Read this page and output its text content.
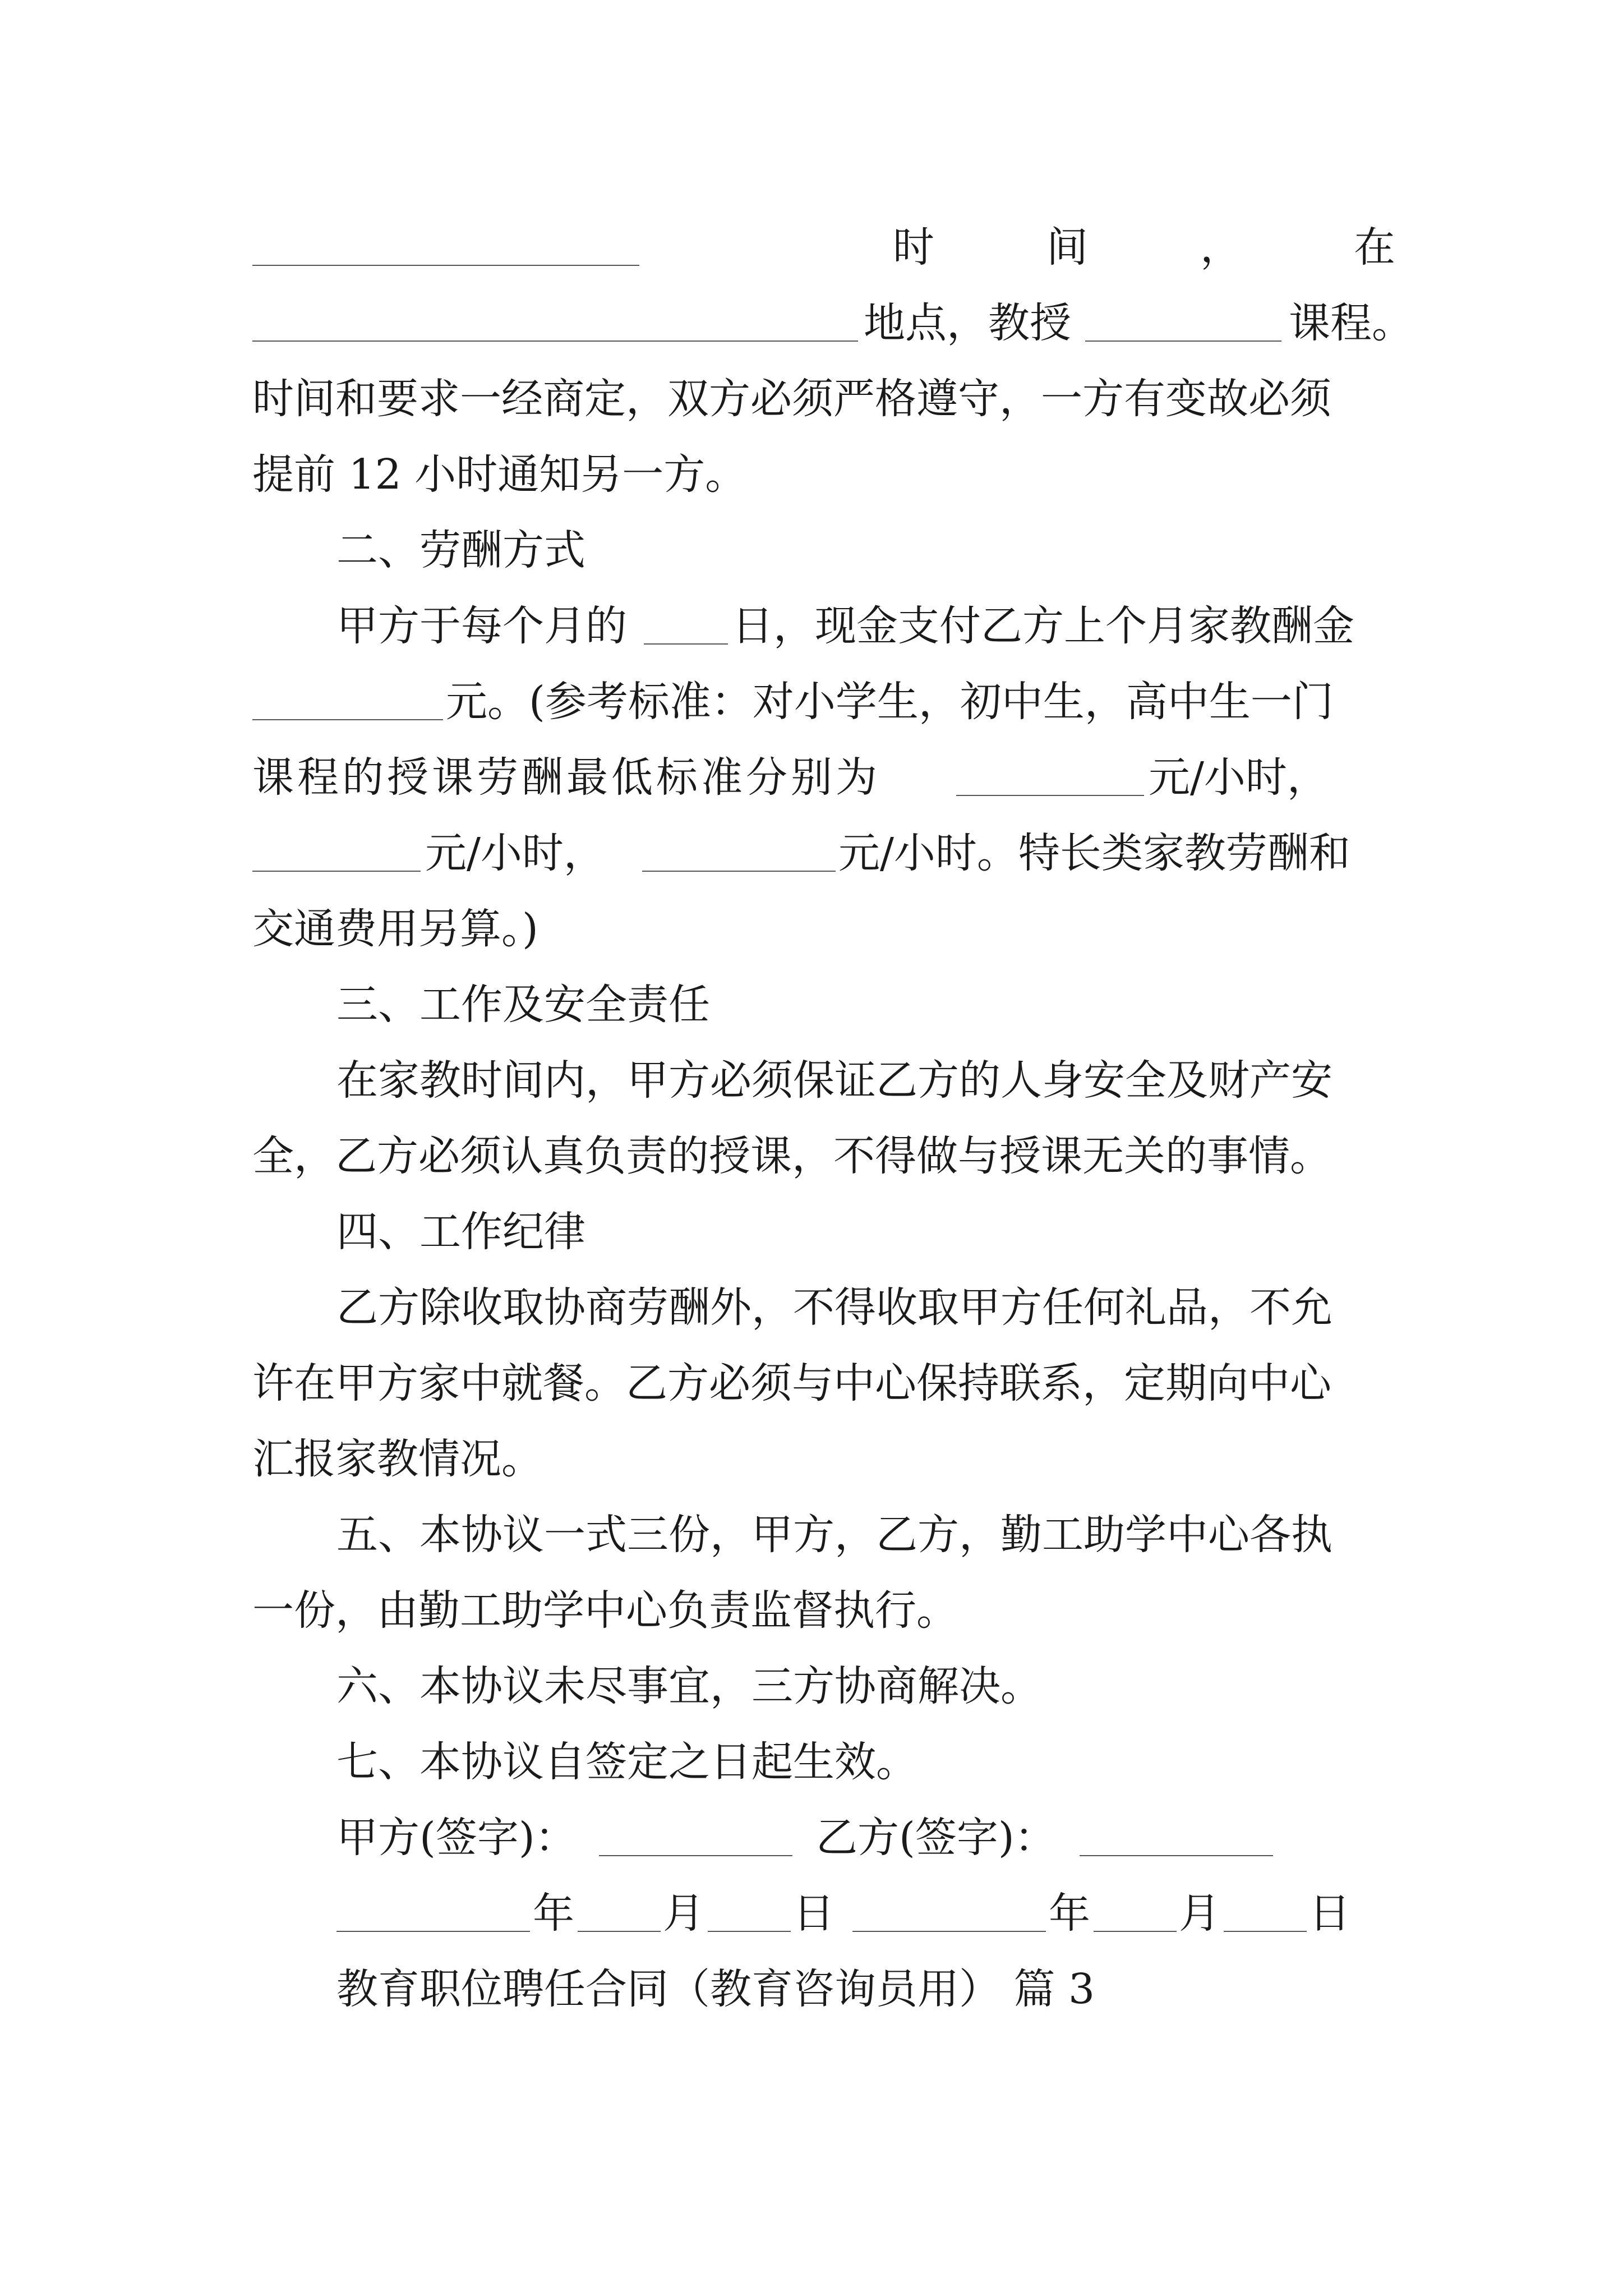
时	间	，	在
地点，教授	课程。
时间和要求一经商定，双方必须严格遵守，一方有变故必须
提前 12 小时通知另一方。
二、劳酬方式
甲方于每个月的	日，现金支付乙方上个月家教酬金
元。(参考标准：对小学生，初中生，高中生一门
课程的授课劳酬最低标准分别为	元/小时，
元/小时，	元/小时。特长类家教劳酬和
交通费用另算。)
三、工作及安全责任
在家教时间内，甲方必须保证乙方的人身安全及财产安
全，乙方必须认真负责的授课，不得做与授课无关的事情。
四、工作纪律
乙方除收取协商劳酬外，不得收取甲方任何礼品，不允
许在甲方家中就餐。乙方必须与中心保持联系，定期向中心
汇报家教情况。
五、本协议一式三份，甲方，乙方，勤工助学中心各执
一份，由勤工助学中心负责监督执行。
六、本协议未尽事宜，三方协商解决。
七、本协议自签定之日起生效。
甲方(签字)：	乙方(签字)：
年 月 日	年 月 日
教育职位聘任合同（教育咨询员用） 篇 3
